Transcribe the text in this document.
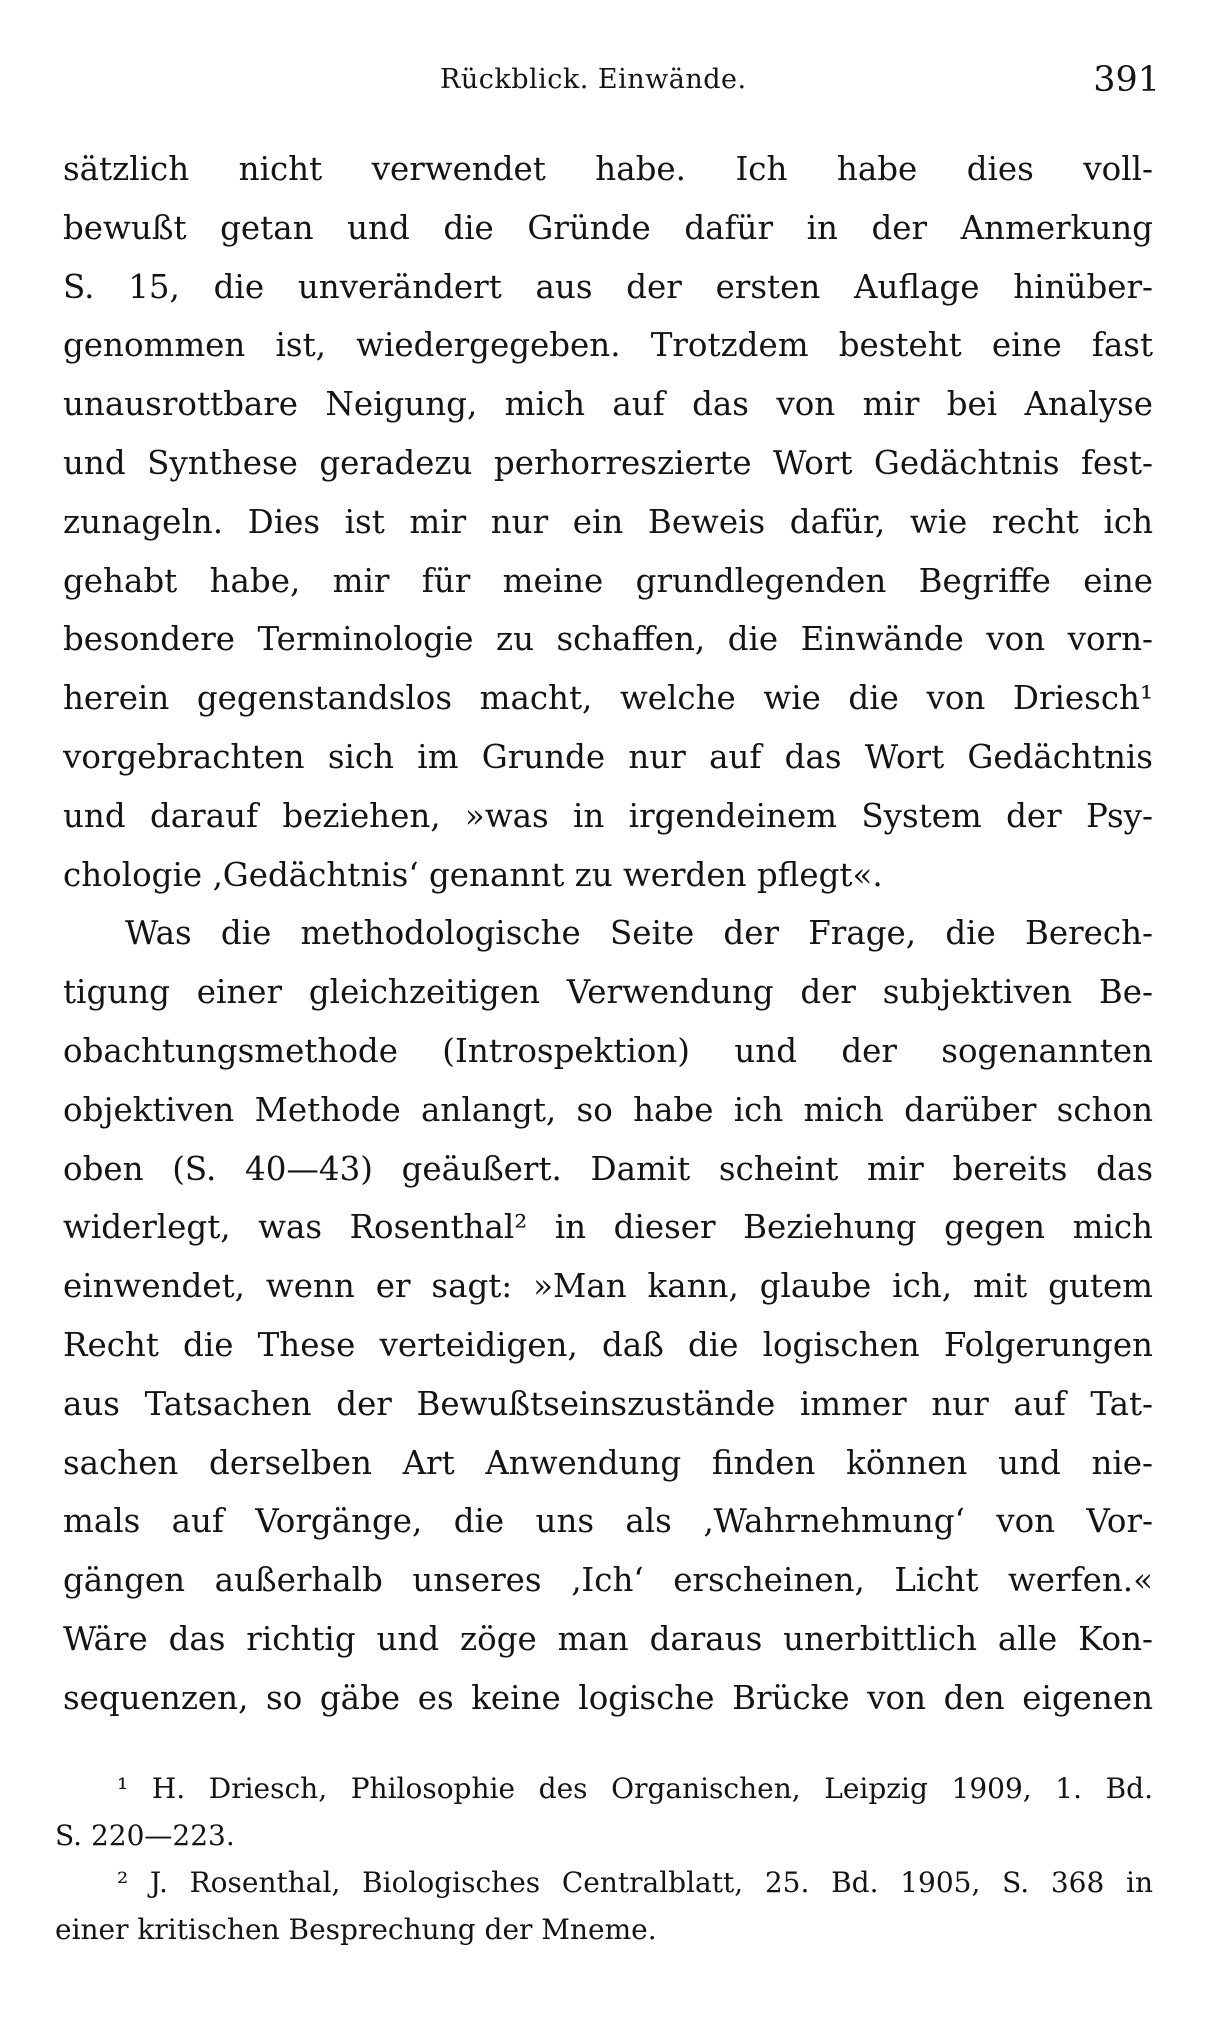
Rückblick. Einwände.	391
sätzlich nicht verwendet habe. Ich habe dies voll-
bewußt getan und die Gründe dafür in der Anmerkung
S. 15, die unverändert aus der ersten Auflage hinüber-
genommen ist, wiedergegeben. Trotzdem besteht eine fast
unausrottbare Neigung, mich auf das von mir bei Analyse
und Synthese geradezu perhorreszierte Wort Gedächtnis fest-
zunageln. Dies ist mir nur ein Beweis dafür, wie recht ich
gehabt habe, mir für meine grundlegenden Begriffe eine
besondere Terminologie zu schaffen, die Einwände von vorn-
herein gegenstandslos macht, welche wie die von Driesch¹
vorgebrachten sich im Grunde nur auf das Wort Gedächtnis
und darauf beziehen, »was in irgendeinem System der Psy-
chologie ‚Gedächtnis‘ genannt zu werden pflegt«.
Was die methodologische Seite der Frage, die Berech-
tigung einer gleichzeitigen Verwendung der subjektiven Be-
obachtungsmethode (Introspektion) und der sogenannten
objektiven Methode anlangt, so habe ich mich darüber schon
oben (S. 40—43) geäußert. Damit scheint mir bereits das
widerlegt, was Rosenthal² in dieser Beziehung gegen mich
einwendet, wenn er sagt: »Man kann, glaube ich, mit gutem
Recht die These verteidigen, daß die logischen Folgerungen
aus Tatsachen der Bewußtseinszustände immer nur auf Tat-
sachen derselben Art Anwendung finden können und nie-
mals auf Vorgänge, die uns als ‚Wahrnehmung‘ von Vor-
gängen außerhalb unseres ‚Ich‘ erscheinen, Licht werfen.«
Wäre das richtig und zöge man daraus unerbittlich alle Kon-
sequenzen, so gäbe es keine logische Brücke von den eigenen
¹ H. Driesch, Philosophie des Organischen, Leipzig 1909, 1. Bd.
S. 220—223.
² J. Rosenthal, Biologisches Centralblatt, 25. Bd. 1905, S. 368 in
einer kritischen Besprechung der Mneme.
